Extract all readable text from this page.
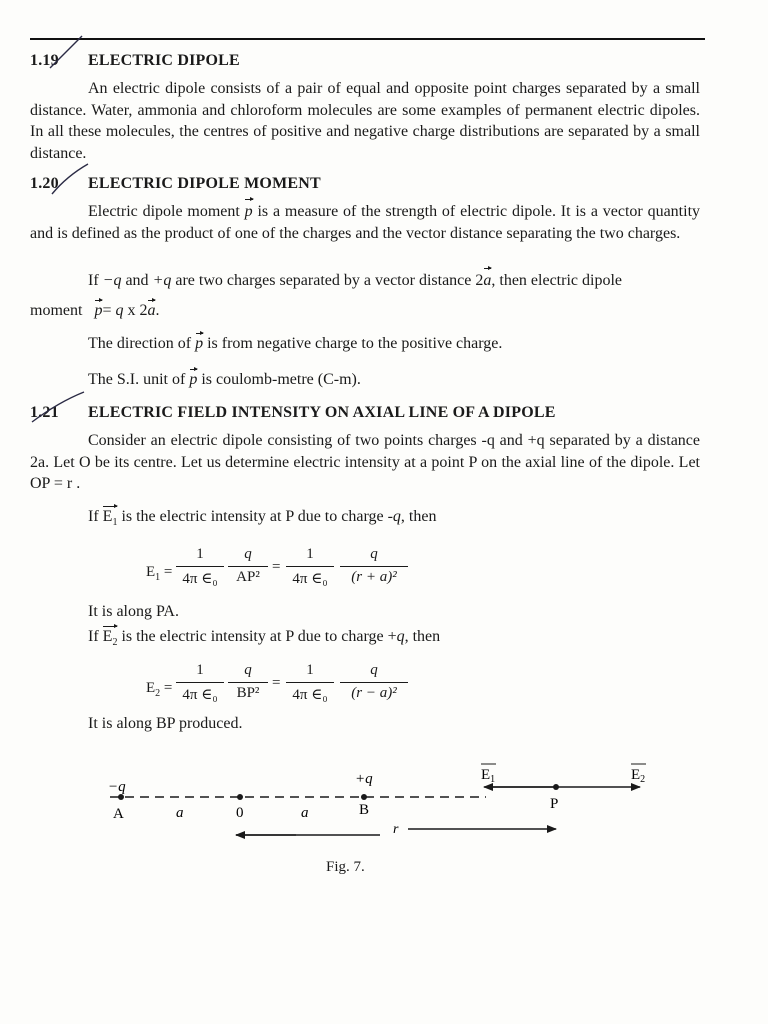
1.19 ELECTRIC DIPOLE
An electric dipole consists of a pair of equal and opposite point charges separated by a small distance. Water, ammonia and chloroform molecules are some examples of permanent electric dipoles. In all these molecules, the centres of positive and negative charge distributions are separated by a small distance.
1.20 ELECTRIC DIPOLE MOMENT
Electric dipole moment p is a measure of the strength of electric dipole. It is a vector quantity and is defined as the product of one of the charges and the vector distance separating the two charges.
If −q and +q are two charges separated by a vector distance 2a, then electric dipole
moment p= q x 2a.
The direction of p is from negative charge to the positive charge.
The S.I. unit of p is coulomb-metre (C-m).
1.21 ELECTRIC FIELD INTENSITY ON AXIAL LINE OF A DIPOLE
Consider an electric dipole consisting of two points charges -q and +q separated by a distance 2a. Let O be its centre. Let us determine electric intensity at a point P on the axial line of the dipole. Let OP = r .
If $E_1$ is the electric intensity at P due to charge -q, then
$E_1$ =
1
4π ∈₀
q
AP²
=
1
4π ∈₀
q
(r + a)²
It is along PA.
If $E_2$ is the electric intensity at P due to charge +q, then
$E_2$ =
1
4π ∈₀
q
BP²
=
1
4π ∈₀
q
(r − a)²
It is along BP produced.
−q
A	a	0	a
+q
B	P
r
$E_1$	$E_2$
Fig. 7.
